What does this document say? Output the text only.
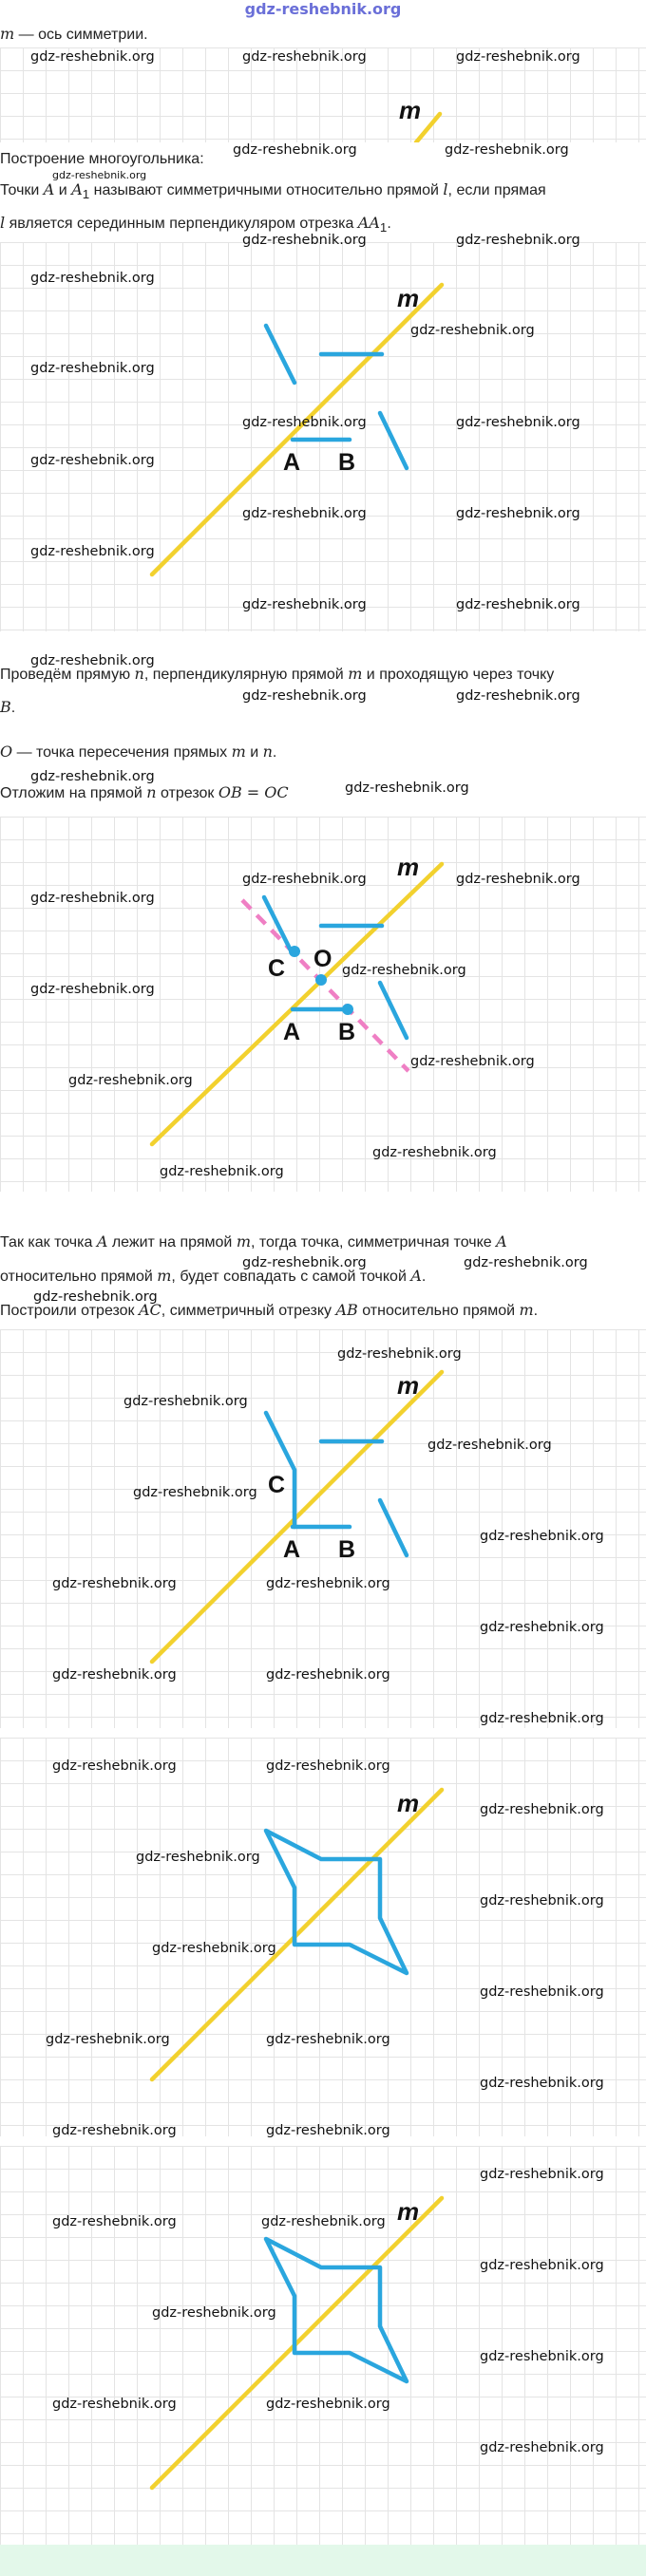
gdz-reshebnik.org
m — ось симметрии.
m
Построение многоугольника:
Точки A и $A_1$ называют симметричными относительно прямой l, если прямая
l является серединным перпендикуляром отрезка $AA_1$.
m
A B
Проведём прямую n, перпендикулярную прямой m и проходящую через точку
B.
O — точка пересечения прямых m и n.
Отложим на прямой n отрезок OB = OC
m
C O
A B
Так как точка A лежит на прямой m, тогда точка, симметричная точке A
относительно прямой m, будет совпадать с самой точкой A.
Построили отрезок AC, симметричный отрезку AB относительно прямой m.
m
C
A B
m
m
gdz-reshebnik.org	gdz-reshebnik.org	gdz-reshebnik.org
gdz-reshebnik.org	gdz-reshebnik.org
gdz-reshebnik.org
gdz-reshebnik.org	gdz-reshebnik.org
gdz-reshebnik.org
gdz-reshebnik.org
gdz-reshebnik.org
gdz-reshebnik.org	gdz-reshebnik.org
gdz-reshebnik.org
gdz-reshebnik.org	gdz-reshebnik.org
gdz-reshebnik.org
gdz-reshebnik.org	gdz-reshebnik.org
gdz-reshebnik.org
gdz-reshebnik.org	gdz-reshebnik.org
gdz-reshebnik.org
gdz-reshebnik.org
gdz-reshebnik.org	gdz-reshebnik.org
gdz-reshebnik.org
gdz-reshebnik.org
gdz-reshebnik.org
gdz-reshebnik.org
gdz-reshebnik.org
gdz-reshebnik.org
gdz-reshebnik.org
gdz-reshebnik.org	gdz-reshebnik.org
gdz-reshebnik.org
gdz-reshebnik.org
gdz-reshebnik.org
gdz-reshebnik.org
gdz-reshebnik.org
gdz-reshebnik.org
gdz-reshebnik.org	gdz-reshebnik.org
gdz-reshebnik.org
gdz-reshebnik.org	gdz-reshebnik.org
gdz-reshebnik.org
gdz-reshebnik.org	gdz-reshebnik.org
gdz-reshebnik.org
gdz-reshebnik.org
gdz-reshebnik.org
gdz-reshebnik.org
gdz-reshebnik.org
gdz-reshebnik.org	gdz-reshebnik.org
gdz-reshebnik.org
gdz-reshebnik.org	gdz-reshebnik.org
gdz-reshebnik.org
gdz-reshebnik.org	gdz-reshebnik.org
gdz-reshebnik.org
gdz-reshebnik.org
gdz-reshebnik.org
gdz-reshebnik.org	gdz-reshebnik.org
gdz-reshebnik.org
